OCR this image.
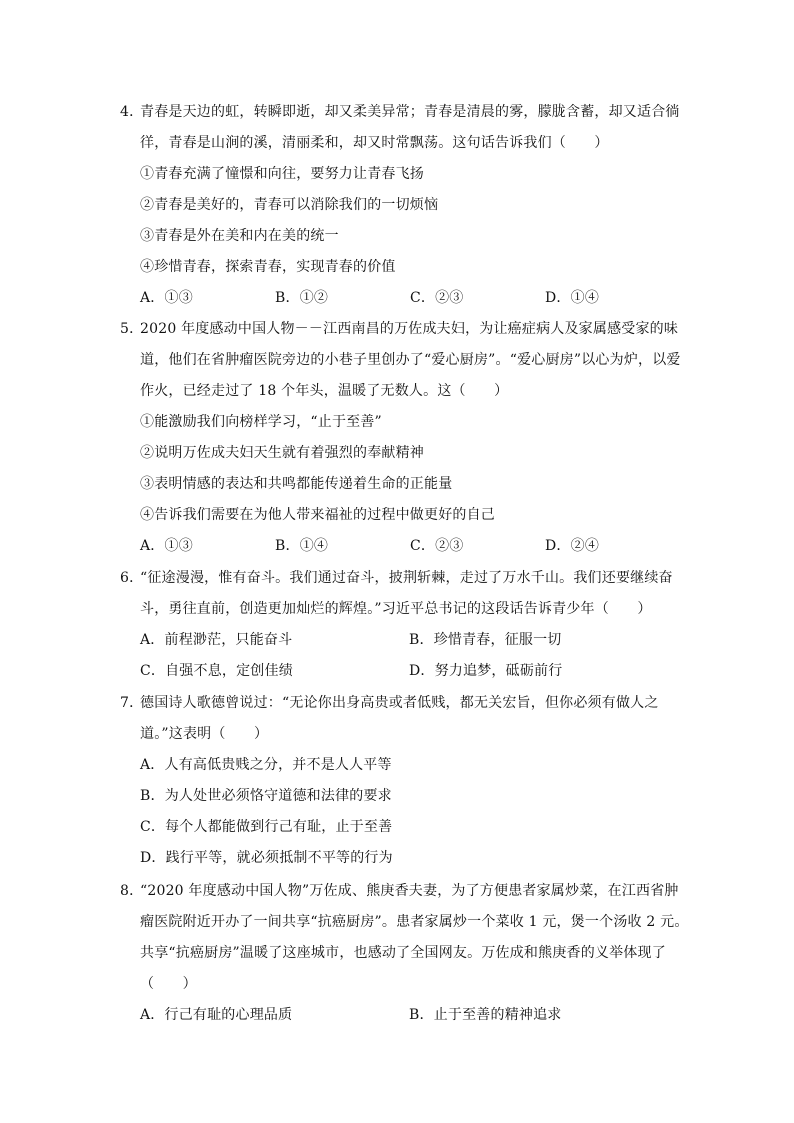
4．青春是天边的虹，转瞬即逝，却又柔美异常；青春是清晨的雾，朦胧含蓄，却又适合徜徉，青春是山涧的溪，清丽柔和，却又时常飘荡。这句话告诉我们（　　）
①青春充满了憧憬和向往，要努力让青春飞扬
②青春是美好的，青春可以消除我们的一切烦恼
③青春是外在美和内在美的统一
④珍惜青春，探索青春，实现青春的价值
A．①③	B．①②	C．②③	D．①④
5．2020 年度感动中国人物－－江西南昌的万佐成夫妇，为让癌症病人及家属感受家的味道，他们在省肿瘤医院旁边的小巷子里创办了“爱心厨房”。“爱心厨房”以心为炉，以爱作火，已经走过了 18 个年头，温暖了无数人。这（　　）
①能激励我们向榜样学习，“止于至善”
②说明万佐成夫妇天生就有着强烈的奉献精神
③表明情感的表达和共鸣都能传递着生命的正能量
④告诉我们需要在为他人带来福祉的过程中做更好的自己
A．①③	B．①④	C．②③	D．②④
6．“征途漫漫，惟有奋斗。我们通过奋斗，披荆斩棘，走过了万水千山。我们还要继续奋斗，勇往直前，创造更加灿烂的辉煌。”习近平总书记的这段话告诉青少年（　　）
A．前程渺茫，只能奋斗	B．珍惜青春，征服一切
C．自强不息，定创佳绩	D．努力追梦，砥砺前行
7．德国诗人歌德曾说过：“无论你出身高贵或者低贱，都无关宏旨，但你必须有做人之道。”这表明（　　）
A．人有高低贵贱之分，并不是人人平等
B．为人处世必须恪守道德和法律的要求
C．每个人都能做到行己有耻，止于至善
D．践行平等，就必须抵制不平等的行为
8．“2020 年度感动中国人物”万佐成、熊庚香夫妻，为了方便患者家属炒菜，在江西省肿瘤医院附近开办了一间共享“抗癌厨房”。患者家属炒一个菜收 1 元，煲一个汤收 2 元。共享“抗癌厨房”温暖了这座城市，也感动了全国网友。万佐成和熊庚香的义举体现了（　　）
A．行己有耻的心理品质	B．止于至善的精神追求
